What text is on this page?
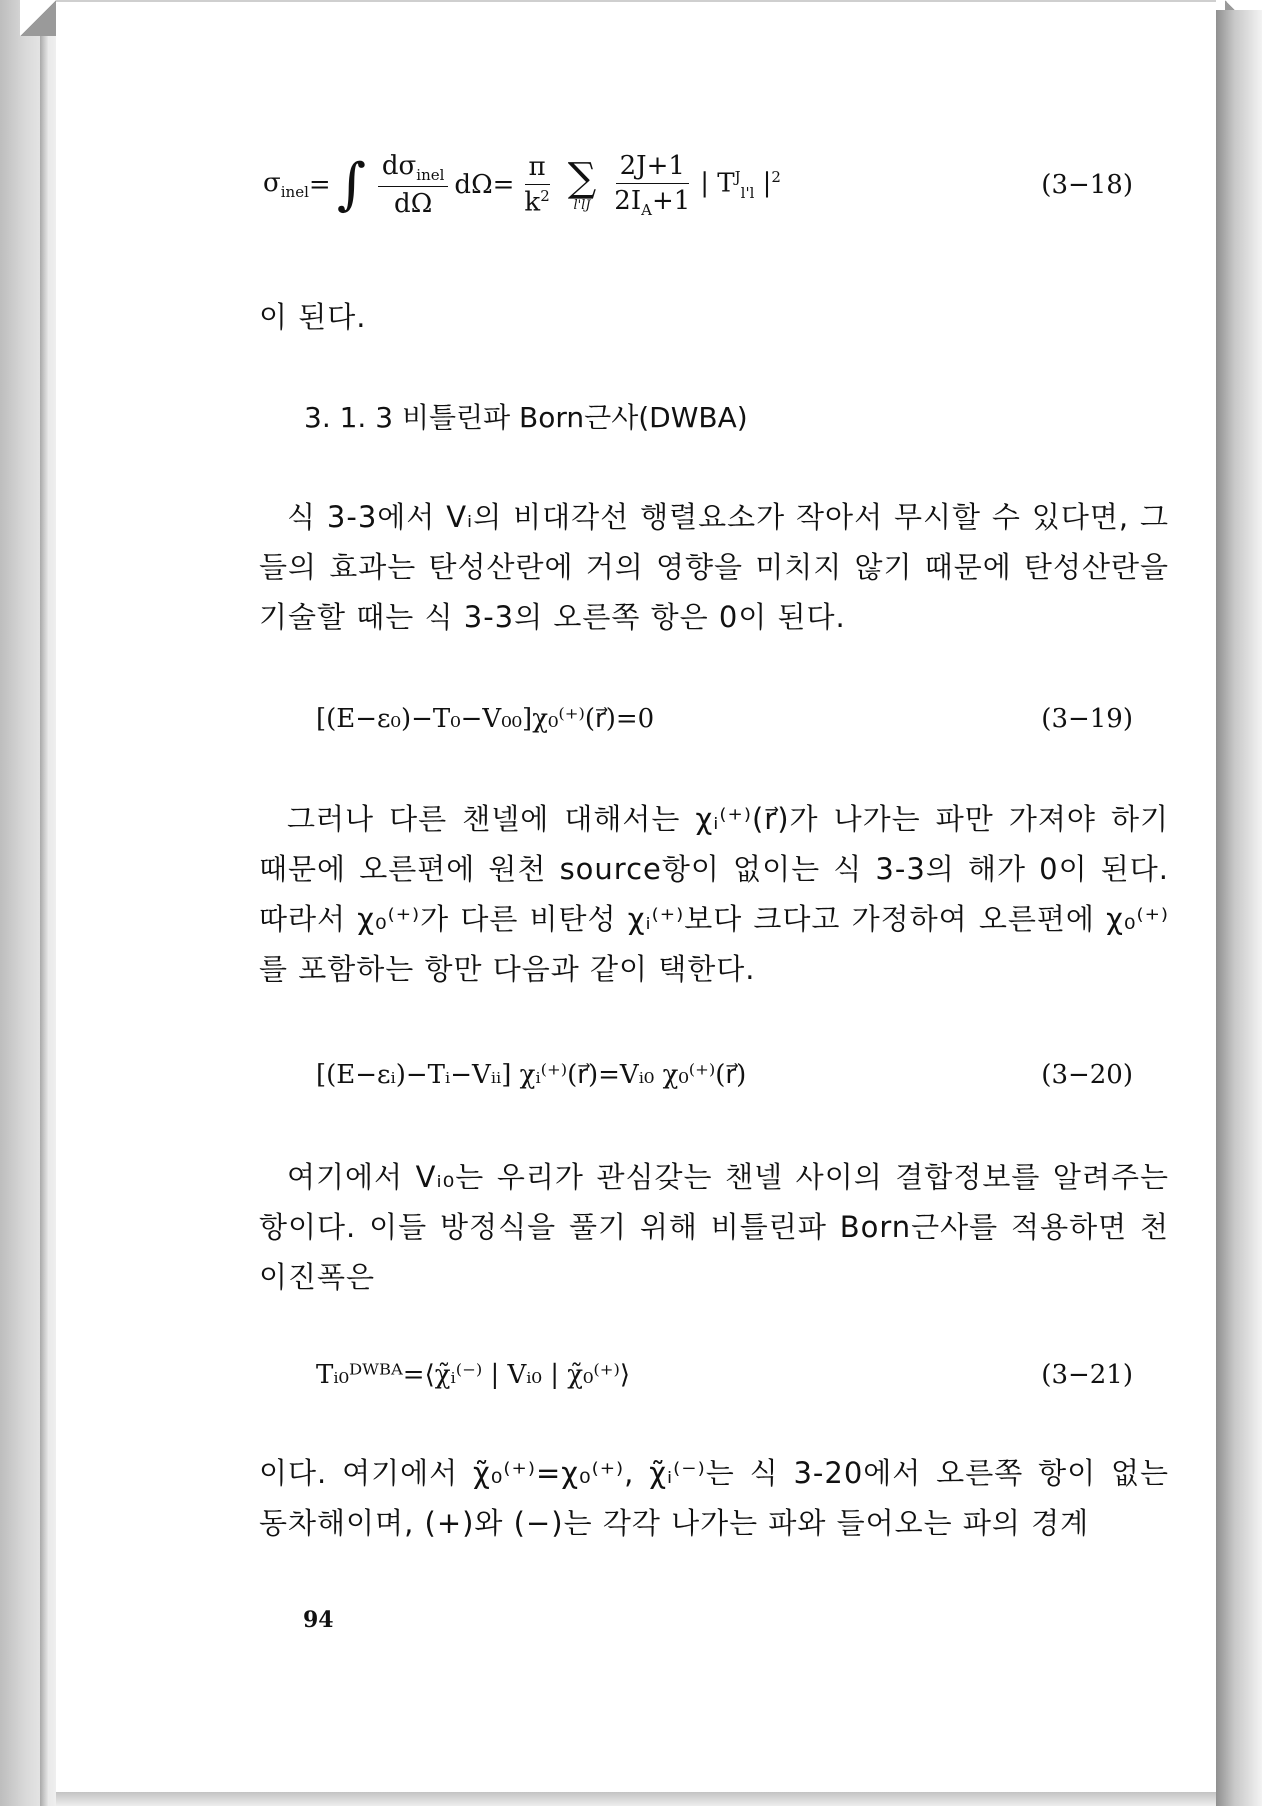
$\sigma_{inel}$ = ∫ $\frac{d\sigma_{inel}}{d\Omega}$ $d\Omega = \frac{\pi}{k^2}$ ∑
$l'lJ \frac{2J+1}{2I_A+1}$ | $T^J_{l'l}$ $|^2$	(3−18)
이 된다.
3. 1. 3 비틀린파 Born근사(DWBA)
식 3-3에서 Vᵢ의 비대각선 행렬요소가 작아서 무시할 수 있다면, 그들의 효과는 탄성산란에 거의 영향을 미치지 않기 때문에 탄성산란을 기술할 때는 식 3-3의 오른쪽 항은 0이 된다.
[(E−ε₀)−T₀−V₀₀]χ₀⁽⁺⁾(r⃗)=0	(3−19)
그러나 다른 챈넬에 대해서는 χᵢ⁽⁺⁾(r⃗)가 나가는 파만 가져야 하기 때문에 오른편에 원천 source항이 없이는 식 3-3의 해가 0이 된다. 따라서 χ₀⁽⁺⁾가 다른 비탄성 χᵢ⁽⁺⁾보다 크다고 가정하여 오른편에 χ₀⁽⁺⁾를 포함하는 항만 다음과 같이 택한다.
[(E−εᵢ)−Tᵢ−Vᵢᵢ] χᵢ⁽⁺⁾(r⃗)=Vᵢ₀ χ₀⁽⁺⁾(r⃗)	(3−20)
여기에서 Vᵢ₀는 우리가 관심갖는 챈넬 사이의 결합정보를 알려주는 항이다. 이들 방정식을 풀기 위해 비틀린파 Born근사를 적용하면 천이진폭은
Tᵢ₀ᴰᵂᴮᴬ=⟨χ̃ᵢ⁽⁻⁾ | Vᵢ₀ | χ̃₀⁽⁺⁾⟩	(3−21)
이다. 여기에서 χ̃₀⁽⁺⁾=χ₀⁽⁺⁾, χ̃ᵢ⁽⁻⁾는 식 3-20에서 오른쪽 항이 없는 동차해이며, (+)와 (−)는 각각 나가는 파와 들어오는 파의 경계
94
